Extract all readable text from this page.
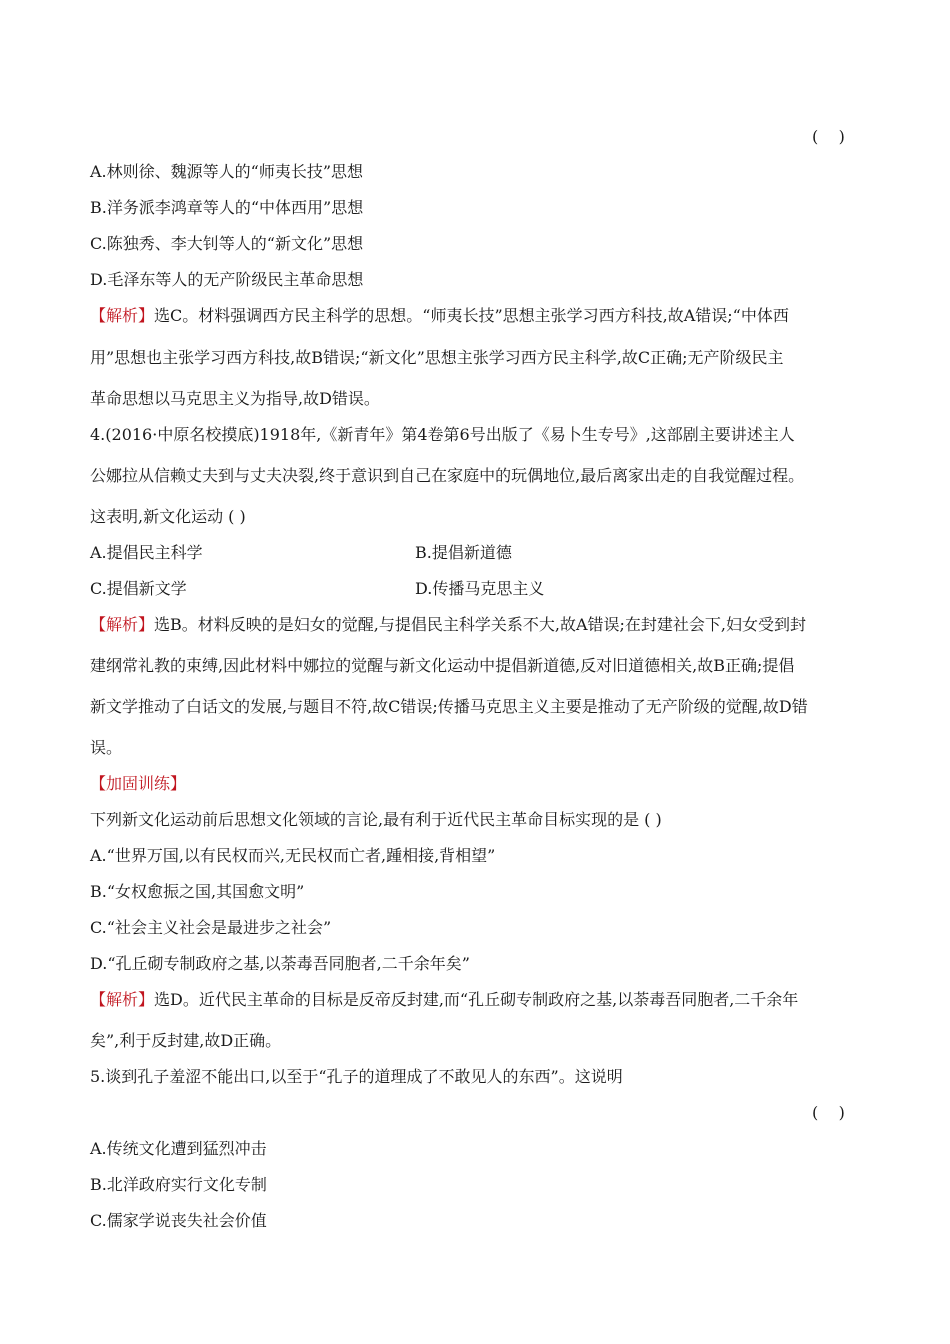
(    )
A.林则徐、魏源等人的“师夷长技”思想
B.洋务派李鸿章等人的“中体西用”思想
C.陈独秀、李大钊等人的“新文化”思想
D.毛泽东等人的无产阶级民主革命思想
【解析】选C。材料强调西方民主科学的思想。“师夷长技”思想主张学习西方科技,故A错误;“中体西
用”思想也主张学习西方科技,故B错误;“新文化”思想主张学习西方民主科学,故C正确;无产阶级民主
革命思想以马克思主义为指导,故D错误。
4.(2016·中原名校摸底)1918年,《新青年》第4卷第6号出版了《易卜生专号》,这部剧主要讲述主人
公娜拉从信赖丈夫到与丈夫决裂,终于意识到自己在家庭中的玩偶地位,最后离家出走的自我觉醒过程。
这表明,新文化运动 ( )
A.提倡民主科学	B.提倡新道德
C.提倡新文学	D.传播马克思主义
【解析】选B。材料反映的是妇女的觉醒,与提倡民主科学关系不大,故A错误;在封建社会下,妇女受到封
建纲常礼教的束缚,因此材料中娜拉的觉醒与新文化运动中提倡新道德,反对旧道德相关,故B正确;提倡
新文学推动了白话文的发展,与题目不符,故C错误;传播马克思主义主要是推动了无产阶级的觉醒,故D错
误。
【加固训练】
下列新文化运动前后思想文化领域的言论,最有利于近代民主革命目标实现的是 ( )
A.“世界万国,以有民权而兴,无民权而亡者,踵相接,背相望”
B.“女权愈振之国,其国愈文明”
C.“社会主义社会是最进步之社会”
D.“孔丘砌专制政府之基,以荼毒吾同胞者,二千余年矣”
【解析】选D。近代民主革命的目标是反帝反封建,而“孔丘砌专制政府之基,以荼毒吾同胞者,二千余年
矣”,利于反封建,故D正确。
5.谈到孔子羞涩不能出口,以至于“孔子的道理成了不敢见人的东西”。这说明
(    )
A.传统文化遭到猛烈冲击
B.北洋政府实行文化专制
C.儒家学说丧失社会价值
